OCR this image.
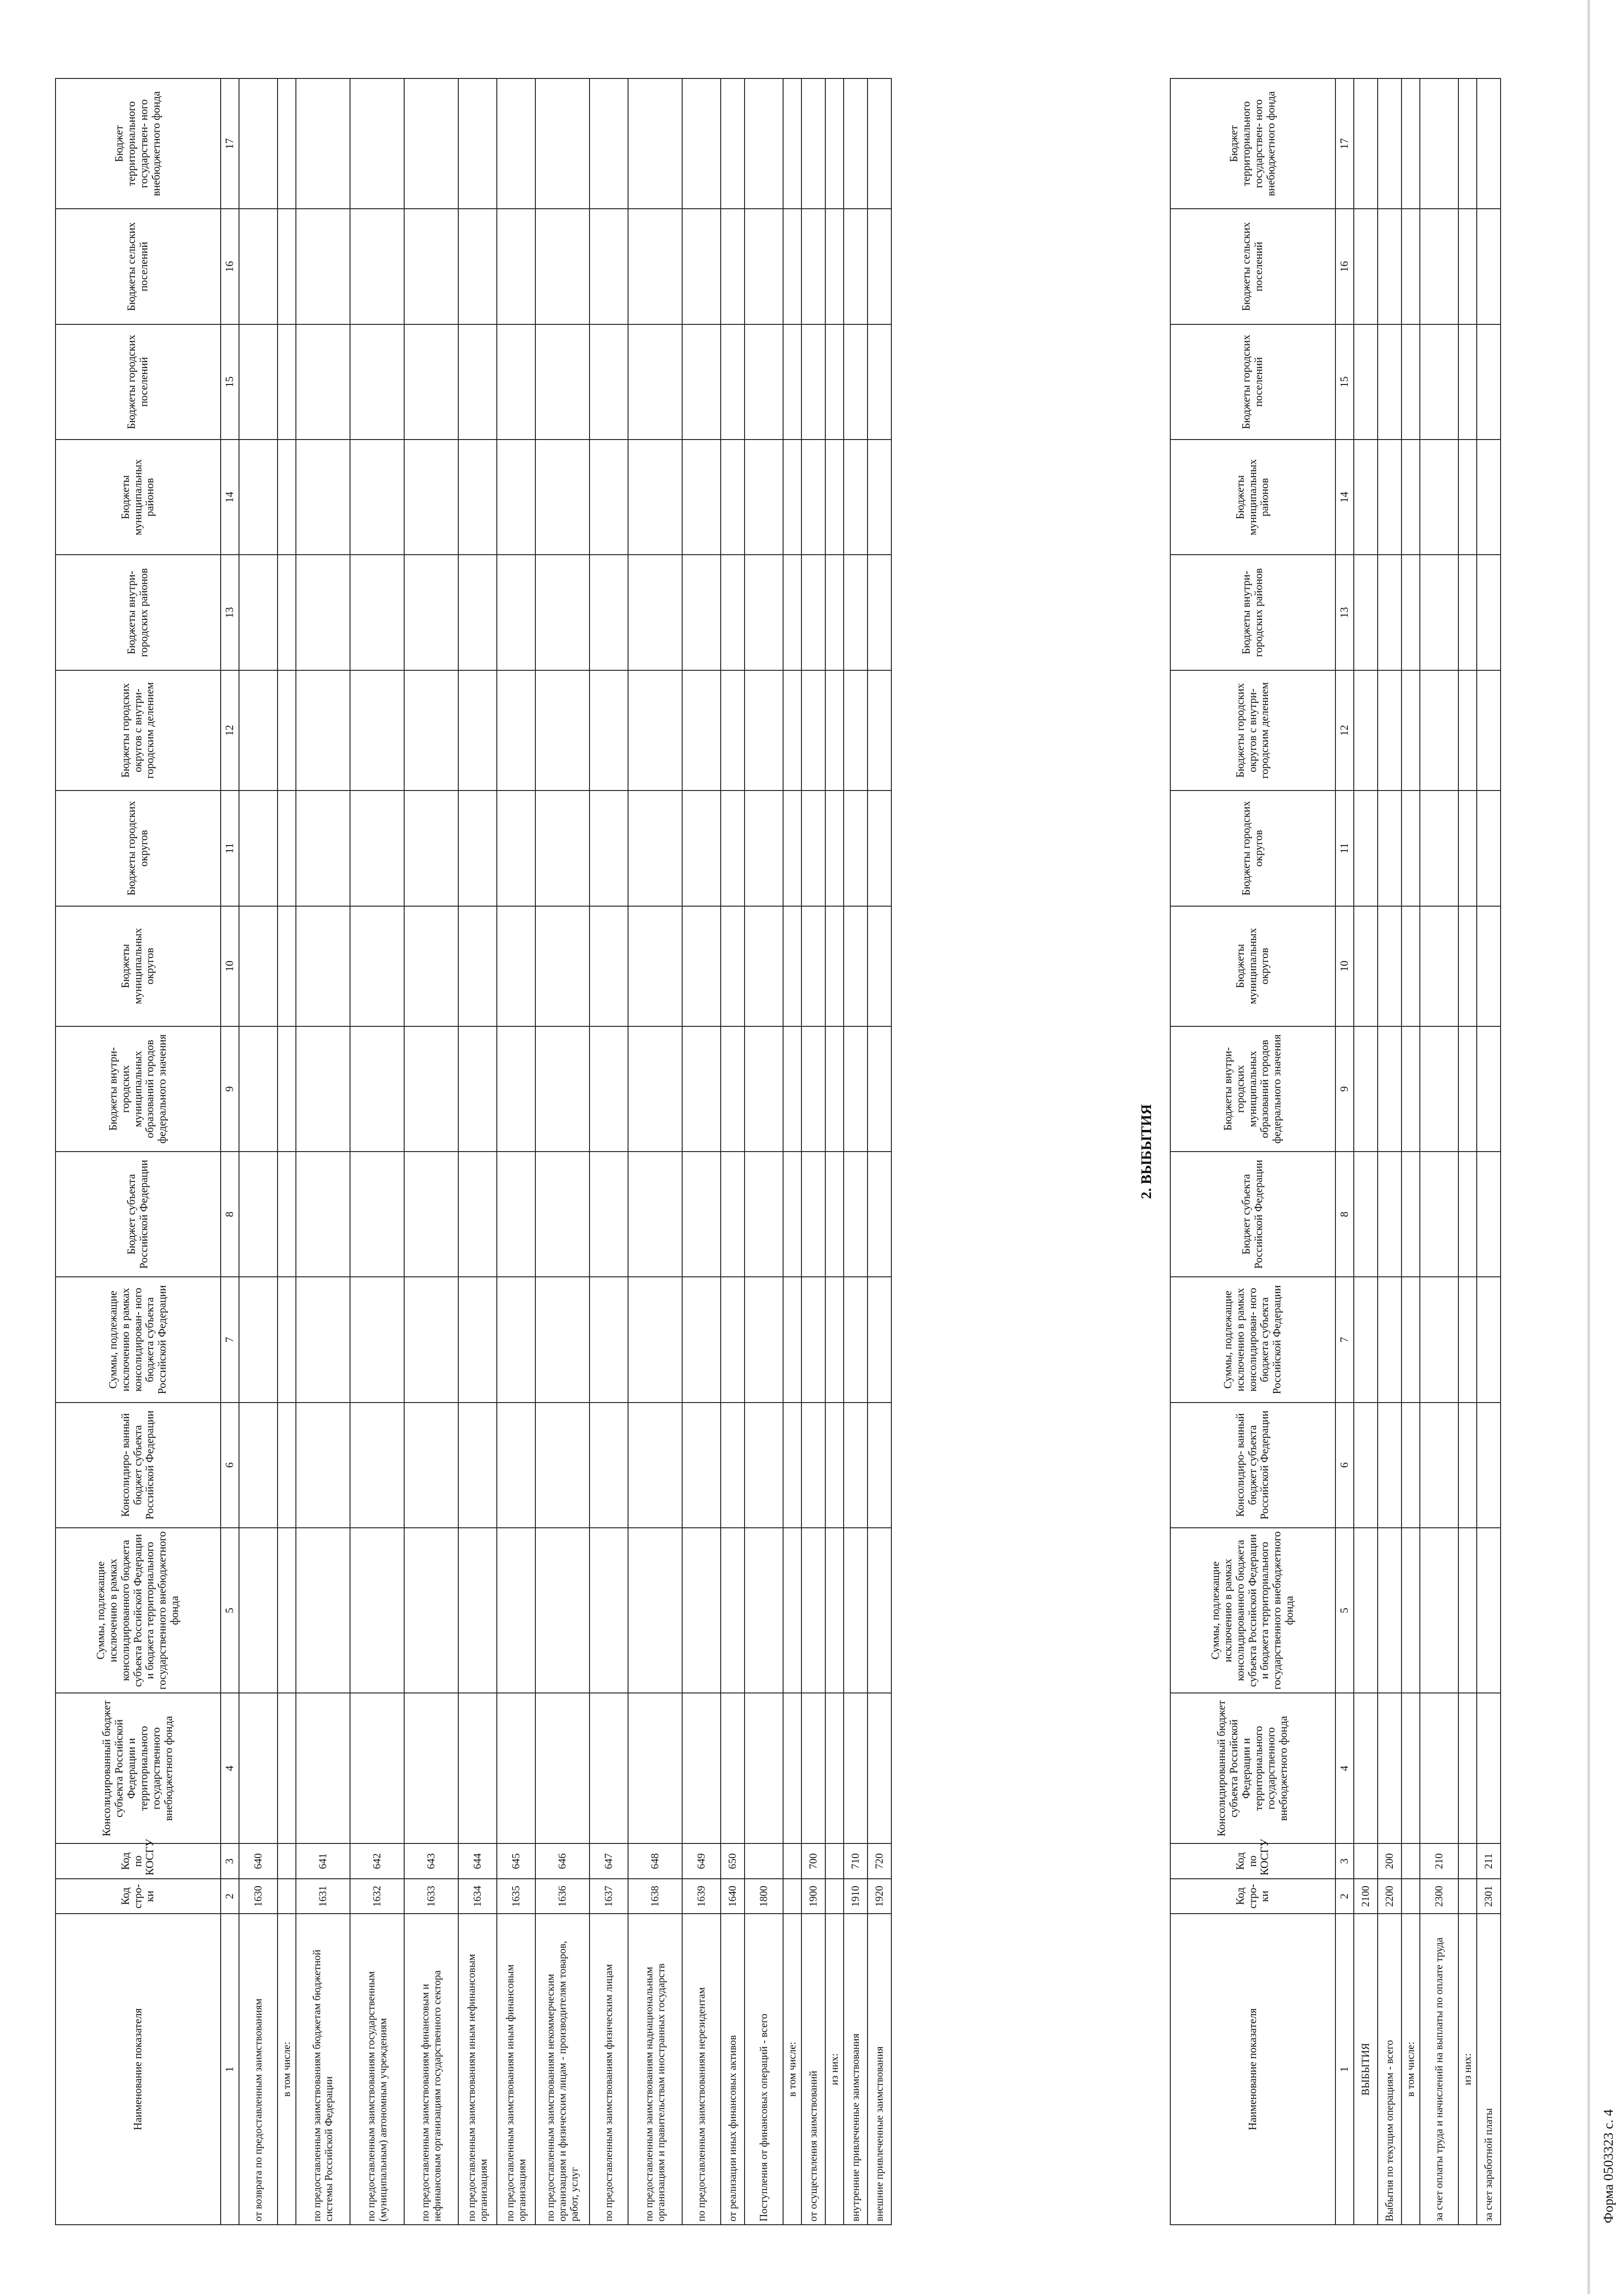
Форма 0503323 с. 4
Наименование показателя	Код стро- ки	Код по КОСГУ	Консолидированный бюджет субъекта Российской Федерации и территориального государственного внебюджетного фонда	Суммы, подлежащие исключению в рамках консолидированного бюджета субъекта Российской Федерации и бюджета территориального государственного внебюджетного фонда	Консолидиро- ванный бюджет субъекта Российской Федерации	Суммы, подлежащие исключению в рамках консолидирован- ного бюджета субъекта Российской Федерации	Бюджет субъекта Российской Федерации	Бюджеты внутри- городских муниципальных образований городов федерального значения	Бюджеты муниципальных округов	Бюджеты городских округов	Бюджеты городских округов с внутри- городским делением	Бюджеты внутри- городских районов	Бюджеты муниципальных районов	Бюджеты городских поселений	Бюджеты сельских поселений	Бюджет территориального государствен- ного внебюджетного фонда
1	2	3	4	5	6	7	8	9	10	11	12	13	14	15	16	17
от возврата по предоставленным заимствованиям	1630	640														
в том числе:																
по предоставленным заимствованиям бюджетам бюджетной системы Российской Федерации	1631	641														
по предоставленным заимствованиям государственным (муниципальным) автономным учреждениям	1632	642														
по предоставленным заимствованиям финансовым и нефинансовым организациям государственного сектора	1633	643														
по предоставленным заимствованиям иным нефинансовым организациям	1634	644														
по предоставленным заимствованиям иным финансовым организациям	1635	645														
по предоставленным заимствованиям некоммерческим организациям и физическим лицам - производителям товаров, работ, услуг	1636	646														
по предоставленным заимствованиям физическим лицам	1637	647														
по предоставленным заимствованиям наднациональным организациям и правительствам иностранных государств	1638	648														
по предоставленным заимствованиям нерезидентам	1639	649														
от реализации иных финансовых активов	1640	650														
Поступления от финансовых операций - всего	1800															
в том числе:																
от осуществления заимствований	1900	700														
из них:																
внутренние привлеченные заимствования	1910	710														
внешние привлеченные заимствования	1920	720														
2. ВЫБЫТИЯ
Наименование показателя	Код стро- ки	Код по КОСГУ	Консолидированный бюджет субъекта Российской Федерации и территориального государственного внебюджетного фонда	Суммы, подлежащие исключению в рамках консолидированного бюджета субъекта Российской Федерации и бюджета территориального государственного внебюджетного фонда	Консолидиро- ванный бюджет субъекта Российской Федерации	Суммы, подлежащие исключению в рамках консолидирован- ного бюджета субъекта Российской Федерации	Бюджет субъекта Российской Федерации	Бюджеты внутри- городских муниципальных образований городов федерального значения	Бюджеты муниципальных округов	Бюджеты городских округов	Бюджеты городских округов с внутри- городским делением	Бюджеты внутри- городских районов	Бюджеты муниципальных районов	Бюджеты городских поселений	Бюджеты сельских поселений	Бюджет территориального государствен- ного внебюджетного фонда
1	2	3	4	5	6	7	8	9	10	11	12	13	14	15	16	17
ВЫБЫТИЯ	2100															
Выбытия по текущим операциям - всего	2200	200														
в том числе:																
за счет оплаты труда и начислений на выплаты по оплате труда	2300	210														
из них:																
за счет заработной платы	2301	211														
